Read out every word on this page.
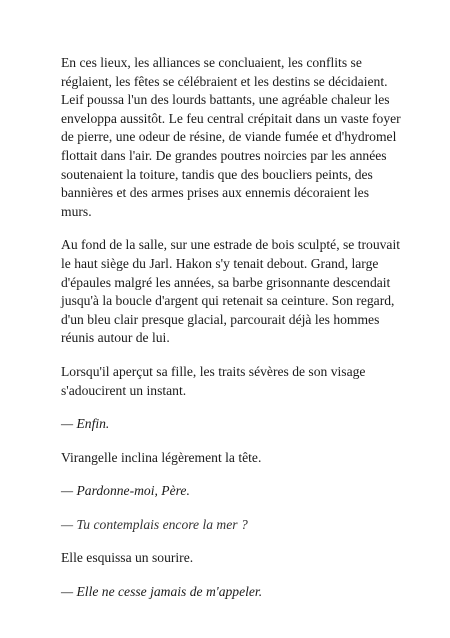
En ces lieux, les alliances se concluaient, les conflits se réglaient, les fêtes se célébraient et les destins se décidaient. Leif poussa l'un des lourds battants, une agréable chaleur les enveloppa aussitôt. Le feu central crépitait dans un vaste foyer de pierre, une odeur de résine, de viande fumée et d'hydromel flottait dans l'air. De grandes poutres noircies par les années soutenaient la toiture, tandis que des boucliers peints, des bannières et des armes prises aux ennemis décoraient les murs.

Au fond de la salle, sur une estrade de bois sculpté, se trouvait le haut siège du Jarl. Hakon s'y tenait debout. Grand, large d'épaules malgré les années, sa barbe grisonnante descendait jusqu'à la boucle d'argent qui retenait sa ceinture. Son regard, d'un bleu clair presque glacial, parcourait déjà les hommes réunis autour de lui.

Lorsqu'il aperçut sa fille, les traits sévères de son visage s'adoucirent un instant.

— Enfin.

Virangelle inclina légèrement la tête.

— Pardonne-moi, Père.

— Tu contemplais encore la mer ?

Elle esquissa un sourire.

— Elle ne cesse jamais de m'appeler.
